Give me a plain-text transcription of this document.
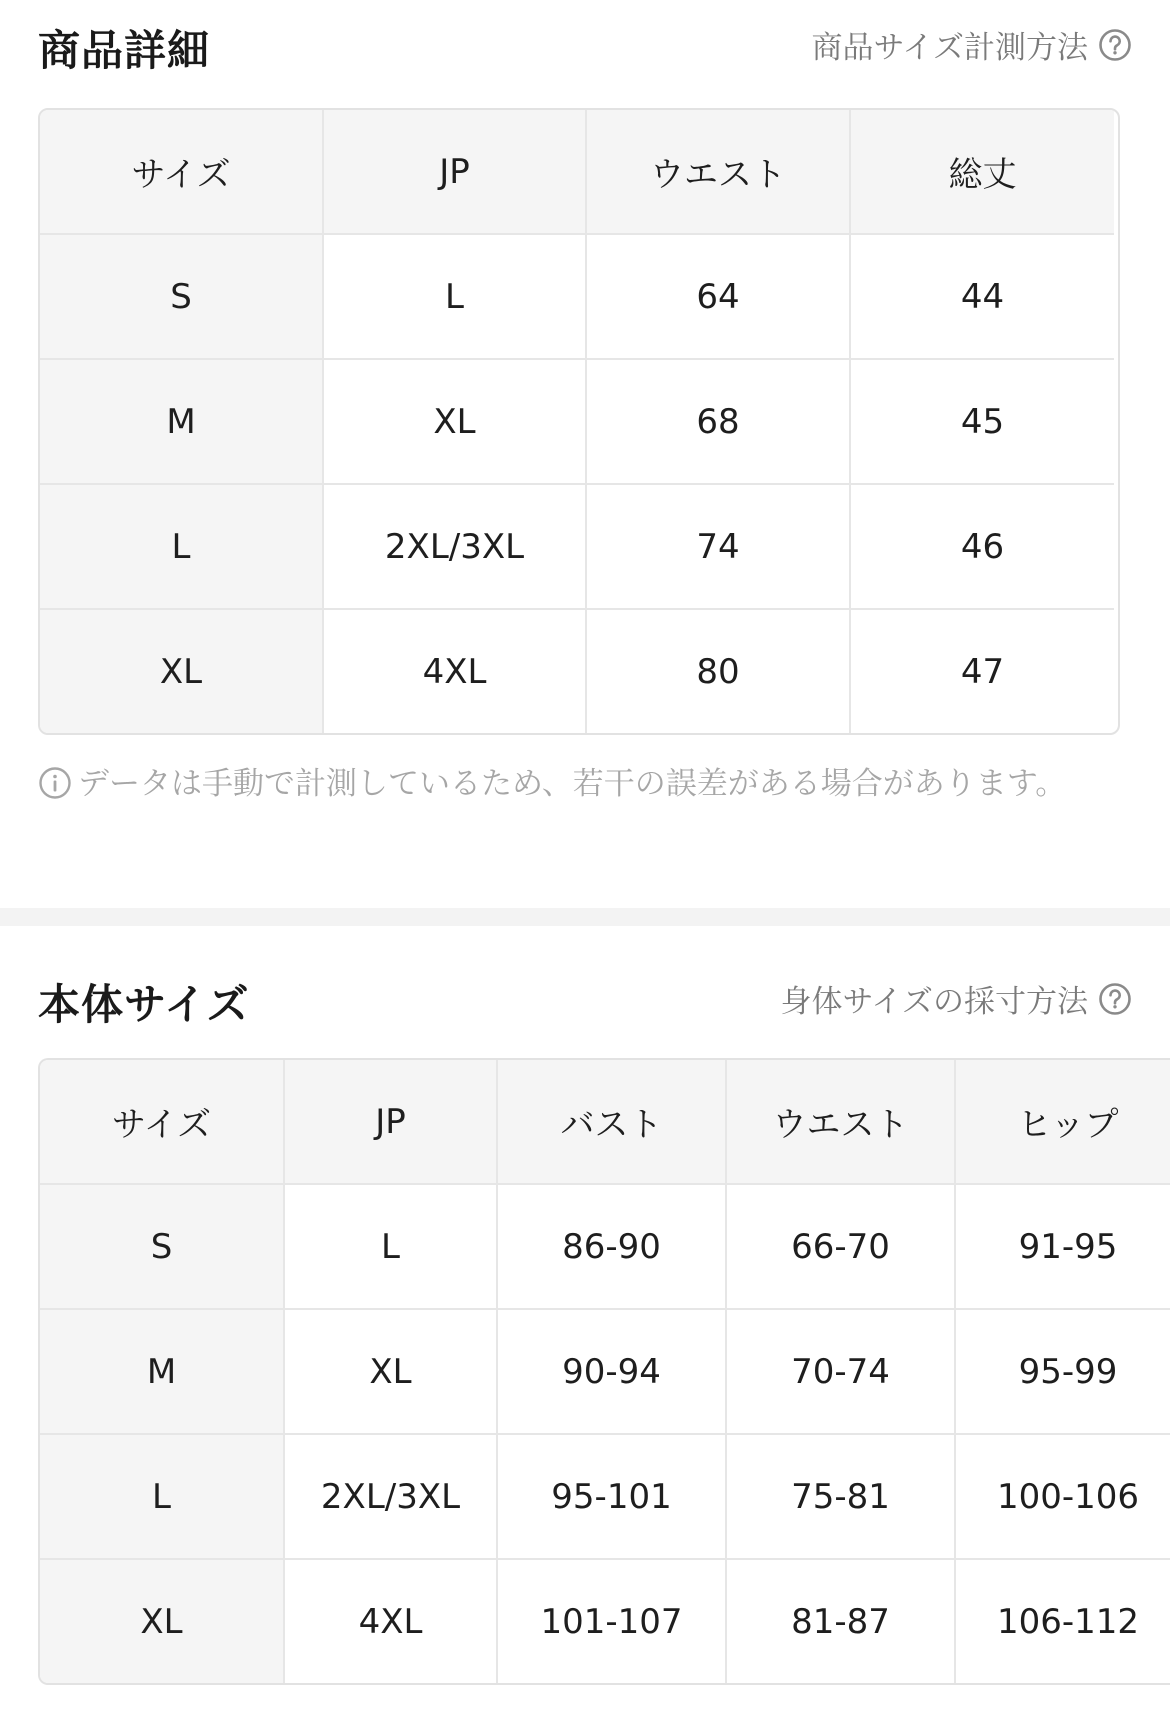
商品詳細	商品サイズ計測方法
サイズ	JP	ウエスト	総丈
S	L	64	44
M	XL	68	45
L	2XL/3XL	74	46
XL	4XL	80	47
データは手動で計測しているため、若干の誤差がある場合があります。
本体サイズ	身体サイズの採寸方法
サイズ	JP	バスト	ウエスト	ヒップ
S	L	86-90	66-70	91-95
M	XL	90-94	70-74	95-99
L	2XL/3XL	95-101	75-81	100-106
XL	4XL	101-107	81-87	106-112
